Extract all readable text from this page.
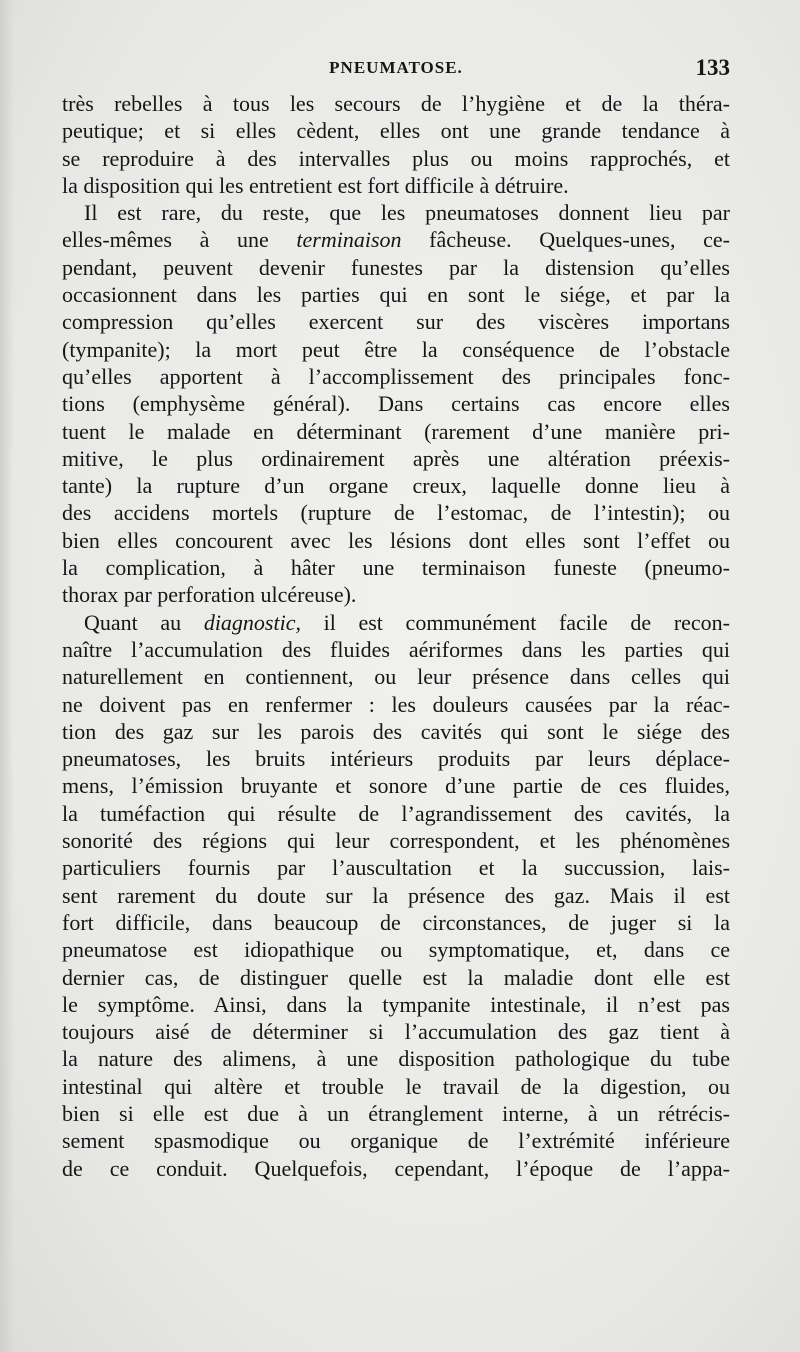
PNEUMATOSE.	133
très rebelles à tous les secours de l’hygiène et de la théra-
peutique; et si elles cèdent, elles ont une grande tendance à
se reproduire à des intervalles plus ou moins rapprochés, et
la disposition qui les entretient est fort difficile à détruire.
Il est rare, du reste, que les pneumatoses donnent lieu par
elles-mêmes à une terminaison fâcheuse. Quelques-unes, ce-
pendant, peuvent devenir funestes par la distension qu’elles
occasionnent dans les parties qui en sont le siége, et par la
compression qu’elles exercent sur des viscères importans
(tympanite); la mort peut être la conséquence de l’obstacle
qu’elles apportent à l’accomplissement des principales fonc-
tions (emphysème général). Dans certains cas encore elles
tuent le malade en déterminant (rarement d’une manière pri-
mitive, le plus ordinairement après une altération préexis-
tante) la rupture d’un organe creux, laquelle donne lieu à
des accidens mortels (rupture de l’estomac, de l’intestin); ou
bien elles concourent avec les lésions dont elles sont l’effet ou
la complication, à hâter une terminaison funeste (pneumo-
thorax par perforation ulcéreuse).
Quant au diagnostic, il est communément facile de recon-
naître l’accumulation des fluides aériformes dans les parties qui
naturellement en contiennent, ou leur présence dans celles qui
ne doivent pas en renfermer : les douleurs causées par la réac-
tion des gaz sur les parois des cavités qui sont le siége des
pneumatoses, les bruits intérieurs produits par leurs déplace-
mens, l’émission bruyante et sonore d’une partie de ces fluides,
la tuméfaction qui résulte de l’agrandissement des cavités, la
sonorité des régions qui leur correspondent, et les phénomènes
particuliers fournis par l’auscultation et la succussion, lais-
sent rarement du doute sur la présence des gaz. Mais il est
fort difficile, dans beaucoup de circonstances, de juger si la
pneumatose est idiopathique ou symptomatique, et, dans ce
dernier cas, de distinguer quelle est la maladie dont elle est
le symptôme. Ainsi, dans la tympanite intestinale, il n’est pas
toujours aisé de déterminer si l’accumulation des gaz tient à
la nature des alimens, à une disposition pathologique du tube
intestinal qui altère et trouble le travail de la digestion, ou
bien si elle est due à un étranglement interne, à un rétrécis-
sement spasmodique ou organique de l’extrémité inférieure
de ce conduit. Quelquefois, cependant, l’époque de l’appa-
